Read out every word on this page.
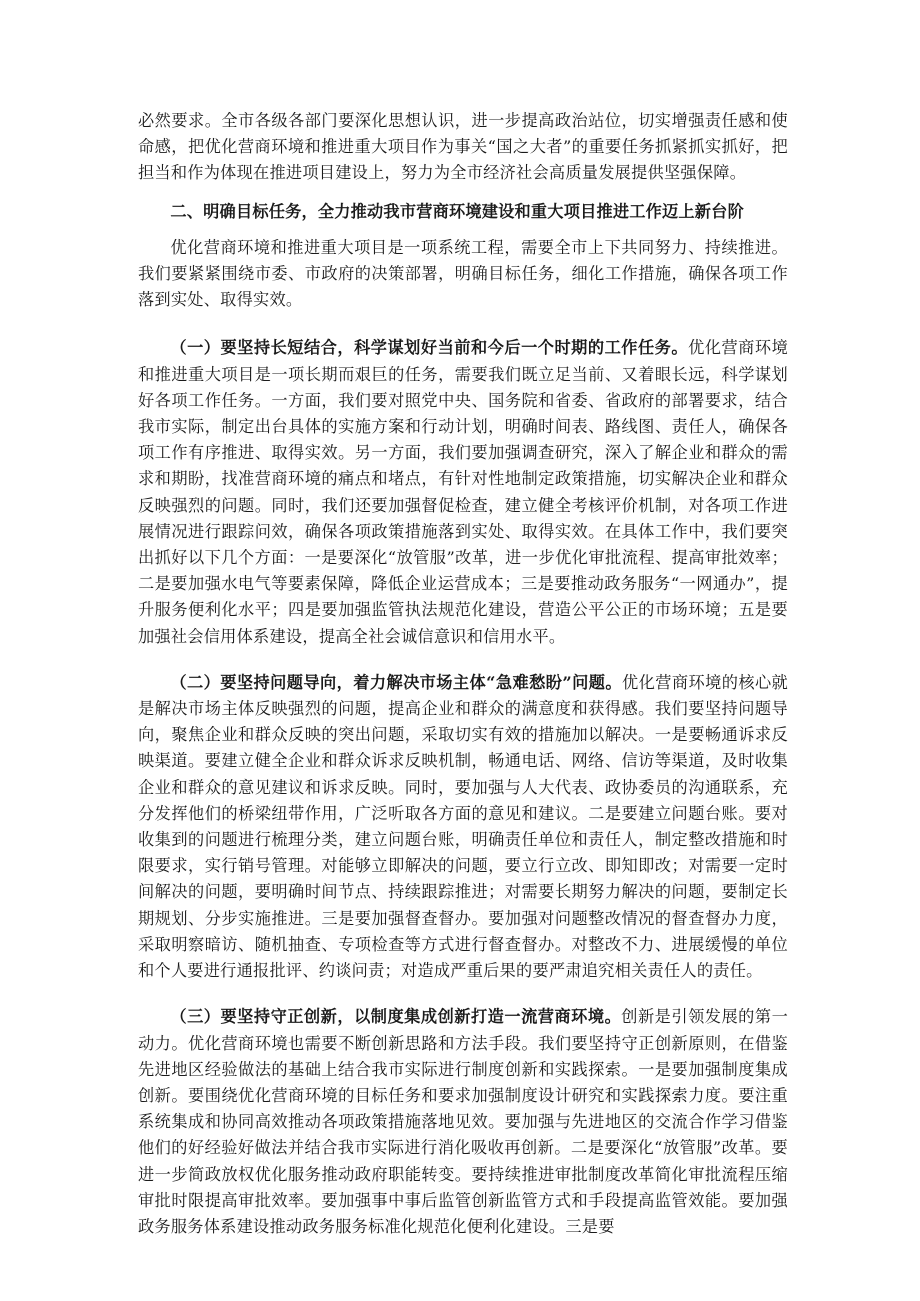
必然要求。全市各级各部门要深化思想认识，进一步提高政治站位，切实增强责任感和使命感，把优化营商环境和推进重大项目作为事关“国之大者”的重要任务抓紧抓实抓好，把担当和作为体现在推进项目建设上，努力为全市经济社会高质量发展提供坚强保障。

二、明确目标任务，全力推动我市营商环境建设和重大项目推进工作迈上新台阶

优化营商环境和推进重大项目是一项系统工程，需要全市上下共同努力、持续推进。我们要紧紧围绕市委、市政府的决策部署，明确目标任务，细化工作措施，确保各项工作落到实处、取得实效。

（一）要坚持长短结合，科学谋划好当前和今后一个时期的工作任务。优化营商环境和推进重大项目是一项长期而艰巨的任务，需要我们既立足当前、又着眼长远，科学谋划好各项工作任务。一方面，我们要对照党中央、国务院和省委、省政府的部署要求，结合我市实际，制定出台具体的实施方案和行动计划，明确时间表、路线图、责任人，确保各项工作有序推进、取得实效。另一方面，我们要加强调查研究，深入了解企业和群众的需求和期盼，找准营商环境的痛点和堵点，有针对性地制定政策措施，切实解决企业和群众反映强烈的问题。同时，我们还要加强督促检查，建立健全考核评价机制，对各项工作进展情况进行跟踪问效，确保各项政策措施落到实处、取得实效。在具体工作中，我们要突出抓好以下几个方面：一是要深化“放管服”改革，进一步优化审批流程、提高审批效率；二是要加强水电气等要素保障，降低企业运营成本；三是要推动政务服务“一网通办”，提升服务便利化水平；四是要加强监管执法规范化建设，营造公平公正的市场环境；五是要加强社会信用体系建设，提高全社会诚信意识和信用水平。

（二）要坚持问题导向，着力解决市场主体“急难愁盼”问题。优化营商环境的核心就是解决市场主体反映强烈的问题，提高企业和群众的满意度和获得感。我们要坚持问题导向，聚焦企业和群众反映的突出问题，采取切实有效的措施加以解决。一是要畅通诉求反映渠道。要建立健全企业和群众诉求反映机制，畅通电话、网络、信访等渠道，及时收集企业和群众的意见建议和诉求反映。同时，要加强与人大代表、政协委员的沟通联系，充分发挥他们的桥梁纽带作用，广泛听取各方面的意见和建议。二是要建立问题台账。要对收集到的问题进行梳理分类，建立问题台账，明确责任单位和责任人，制定整改措施和时限要求，实行销号管理。对能够立即解决的问题，要立行立改、即知即改；对需要一定时间解决的问题，要明确时间节点、持续跟踪推进；对需要长期努力解决的问题，要制定长期规划、分步实施推进。三是要加强督查督办。要加强对问题整改情况的督查督办力度，采取明察暗访、随机抽查、专项检查等方式进行督查督办。对整改不力、进展缓慢的单位和个人要进行通报批评、约谈问责；对造成严重后果的要严肃追究相关责任人的责任。

（三）要坚持守正创新，以制度集成创新打造一流营商环境。创新是引领发展的第一动力。优化营商环境也需要不断创新思路和方法手段。我们要坚持守正创新原则，在借鉴先进地区经验做法的基础上结合我市实际进行制度创新和实践探索。一是要加强制度集成创新。要围绕优化营商环境的目标任务和要求加强制度设计研究和实践探索力度。要注重系统集成和协同高效推动各项政策措施落地见效。要加强与先进地区的交流合作学习借鉴他们的好经验好做法并结合我市实际进行消化吸收再创新。二是要深化“放管服”改革。要进一步简政放权优化服务推动政府职能转变。要持续推进审批制度改革简化审批流程压缩审批时限提高审批效率。要加强事中事后监管创新监管方式和手段提高监管效能。要加强政务服务体系建设推动政务服务标准化规范化便利化建设。三是要
